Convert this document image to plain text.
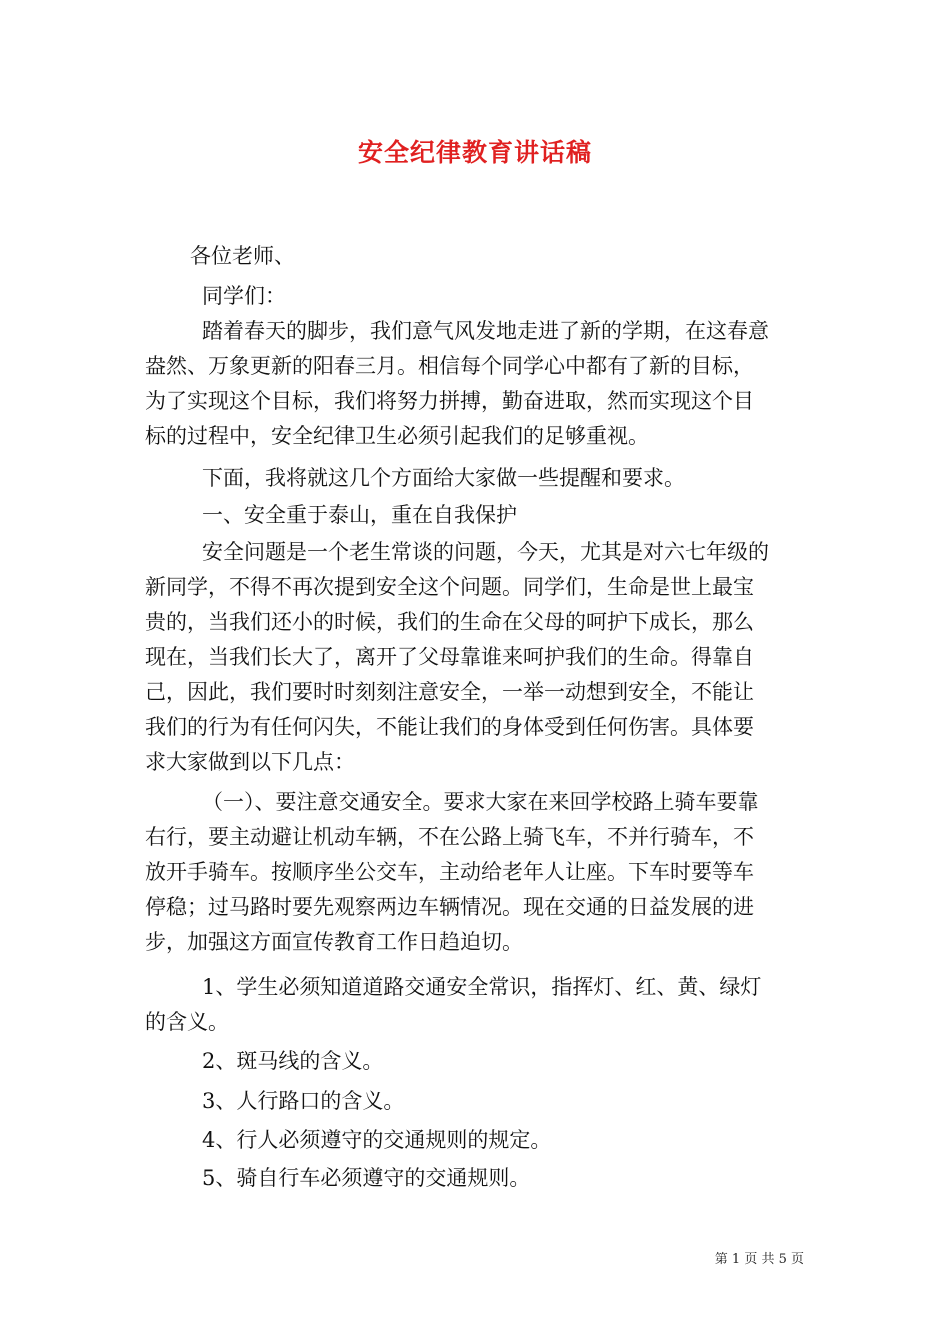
安全纪律教育讲话稿
各位老师、
同学们：
踏着春天的脚步，我们意气风发地走进了新的学期，在这春意
盎然、万象更新的阳春三月。相信每个同学心中都有了新的目标，
为了实现这个目标，我们将努力拼搏，勤奋进取，然而实现这个目
标的过程中，安全纪律卫生必须引起我们的足够重视。
下面，我将就这几个方面给大家做一些提醒和要求。
一、安全重于泰山，重在自我保护
安全问题是一个老生常谈的问题，今天，尤其是对六七年级的
新同学，不得不再次提到安全这个问题。同学们，生命是世上最宝
贵的，当我们还小的时候，我们的生命在父母的呵护下成长，那么
现在，当我们长大了，离开了父母靠谁来呵护我们的生命。得靠自
己，因此，我们要时时刻刻注意安全，一举一动想到安全，不能让
我们的行为有任何闪失，不能让我们的身体受到任何伤害。具体要
求大家做到以下几点：
（一）、要注意交通安全。要求大家在来回学校路上骑车要靠
右行，要主动避让机动车辆，不在公路上骑飞车，不并行骑车，不
放开手骑车。按顺序坐公交车，主动给老年人让座。下车时要等车
停稳；过马路时要先观察两边车辆情况。现在交通的日益发展的进
步，加强这方面宣传教育工作日趋迫切。
1、学生必须知道道路交通安全常识，指挥灯、红、黄、绿灯
的含义。
2、斑马线的含义。
3、人行路口的含义。
4、行人必须遵守的交通规则的规定。
5、骑自行车必须遵守的交通规则。
第 1 页 共 5 页
